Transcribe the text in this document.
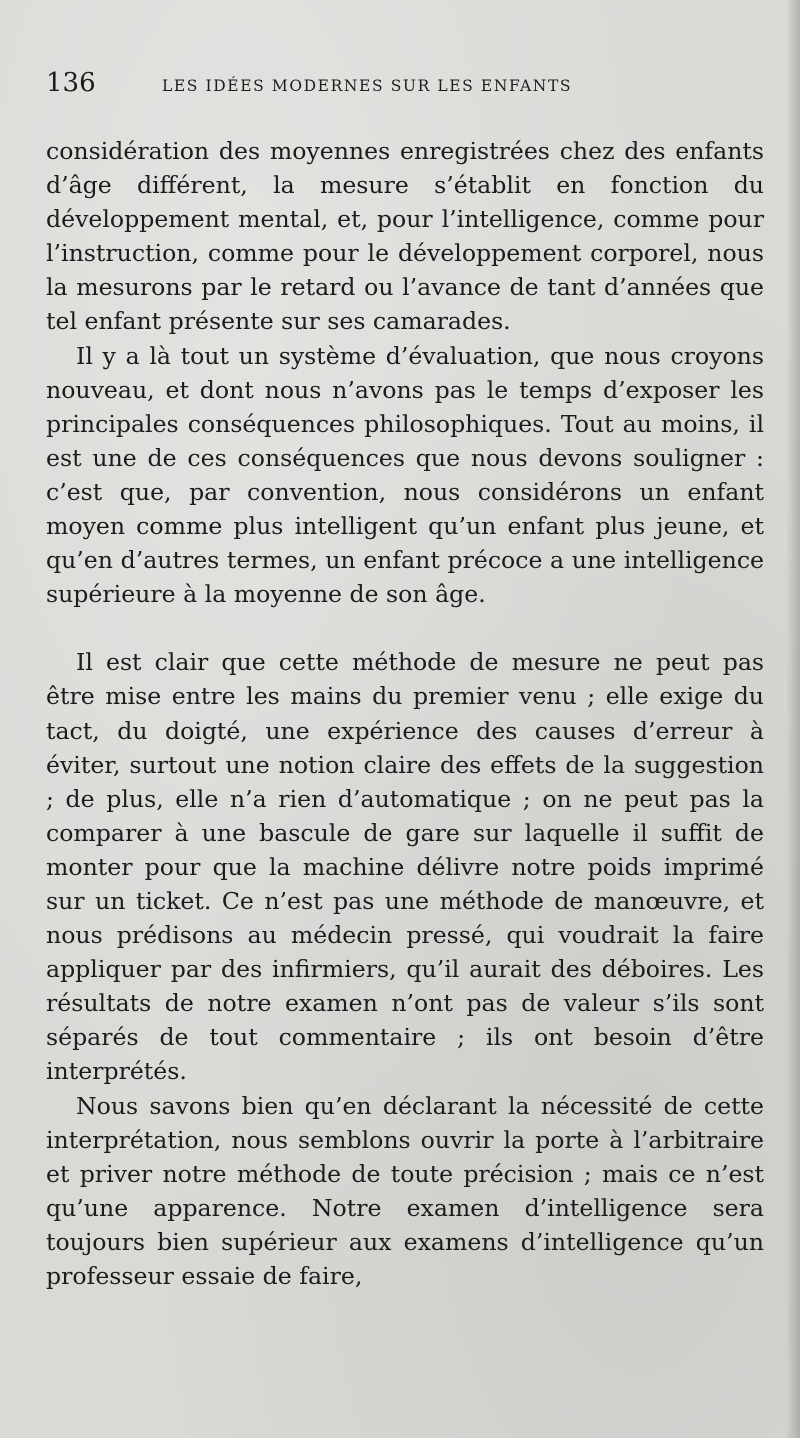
136	LES IDÉES MODERNES SUR LES ENFANTS

considération des moyennes enregistrées chez des enfants d’âge différent, la mesure s’établit en fonction du développement mental, et, pour l’intelligence, comme pour l’instruction, comme pour le développement corporel, nous la mesurons par le retard ou l’avance de tant d’années que tel enfant présente sur ses camarades.

Il y a là tout un système d’évaluation, que nous croyons nouveau, et dont nous n’avons pas le temps d’exposer les principales conséquences philosophiques. Tout au moins, il est une de ces conséquences que nous devons souligner : c’est que, par convention, nous considérons un enfant moyen comme plus intelligent qu’un enfant plus jeune, et qu’en d’autres termes, un enfant précoce a une intelligence supérieure à la moyenne de son âge.

Il est clair que cette méthode de mesure ne peut pas être mise entre les mains du premier venu ; elle exige du tact, du doigté, une expérience des causes d’erreur à éviter, surtout une notion claire des effets de la suggestion ; de plus, elle n’a rien d’automatique ; on ne peut pas la comparer à une bascule de gare sur laquelle il suffit de monter pour que la machine délivre notre poids imprimé sur un ticket. Ce n’est pas une méthode de manœuvre, et nous prédisons au médecin pressé, qui voudrait la faire appliquer par des infirmiers, qu’il aurait des déboires. Les résultats de notre examen n’ont pas de valeur s’ils sont séparés de tout commentaire ; ils ont besoin d’être interprétés.

Nous savons bien qu’en déclarant la nécessité de cette interprétation, nous semblons ouvrir la porte à l’arbitraire et priver notre méthode de toute précision ; mais ce n’est qu’une apparence. Notre examen d’intelligence sera toujours bien supérieur aux examens d’intelligence qu’un professeur essaie de faire,
